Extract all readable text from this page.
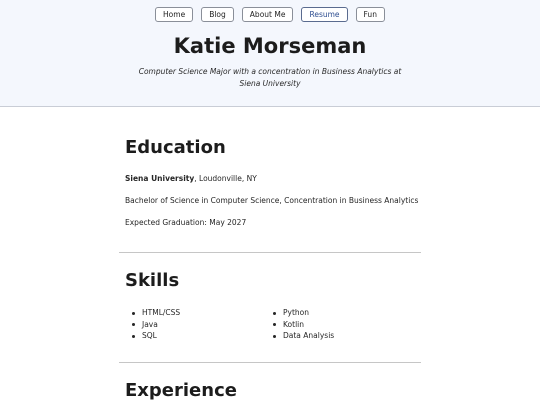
Home	Blog	About Me	Resume	Fun
Katie Morseman

Computer Science Major with a concentration in Business Analytics at Siena University

Education

Siena University, Loudonville, NY

Bachelor of Science in Computer Science, Concentration in Business Analytics

Expected Graduation: May 2027

Skills
HTML/CSS
Java
SQL
Python
Kotlin
Data Analysis
Experience
